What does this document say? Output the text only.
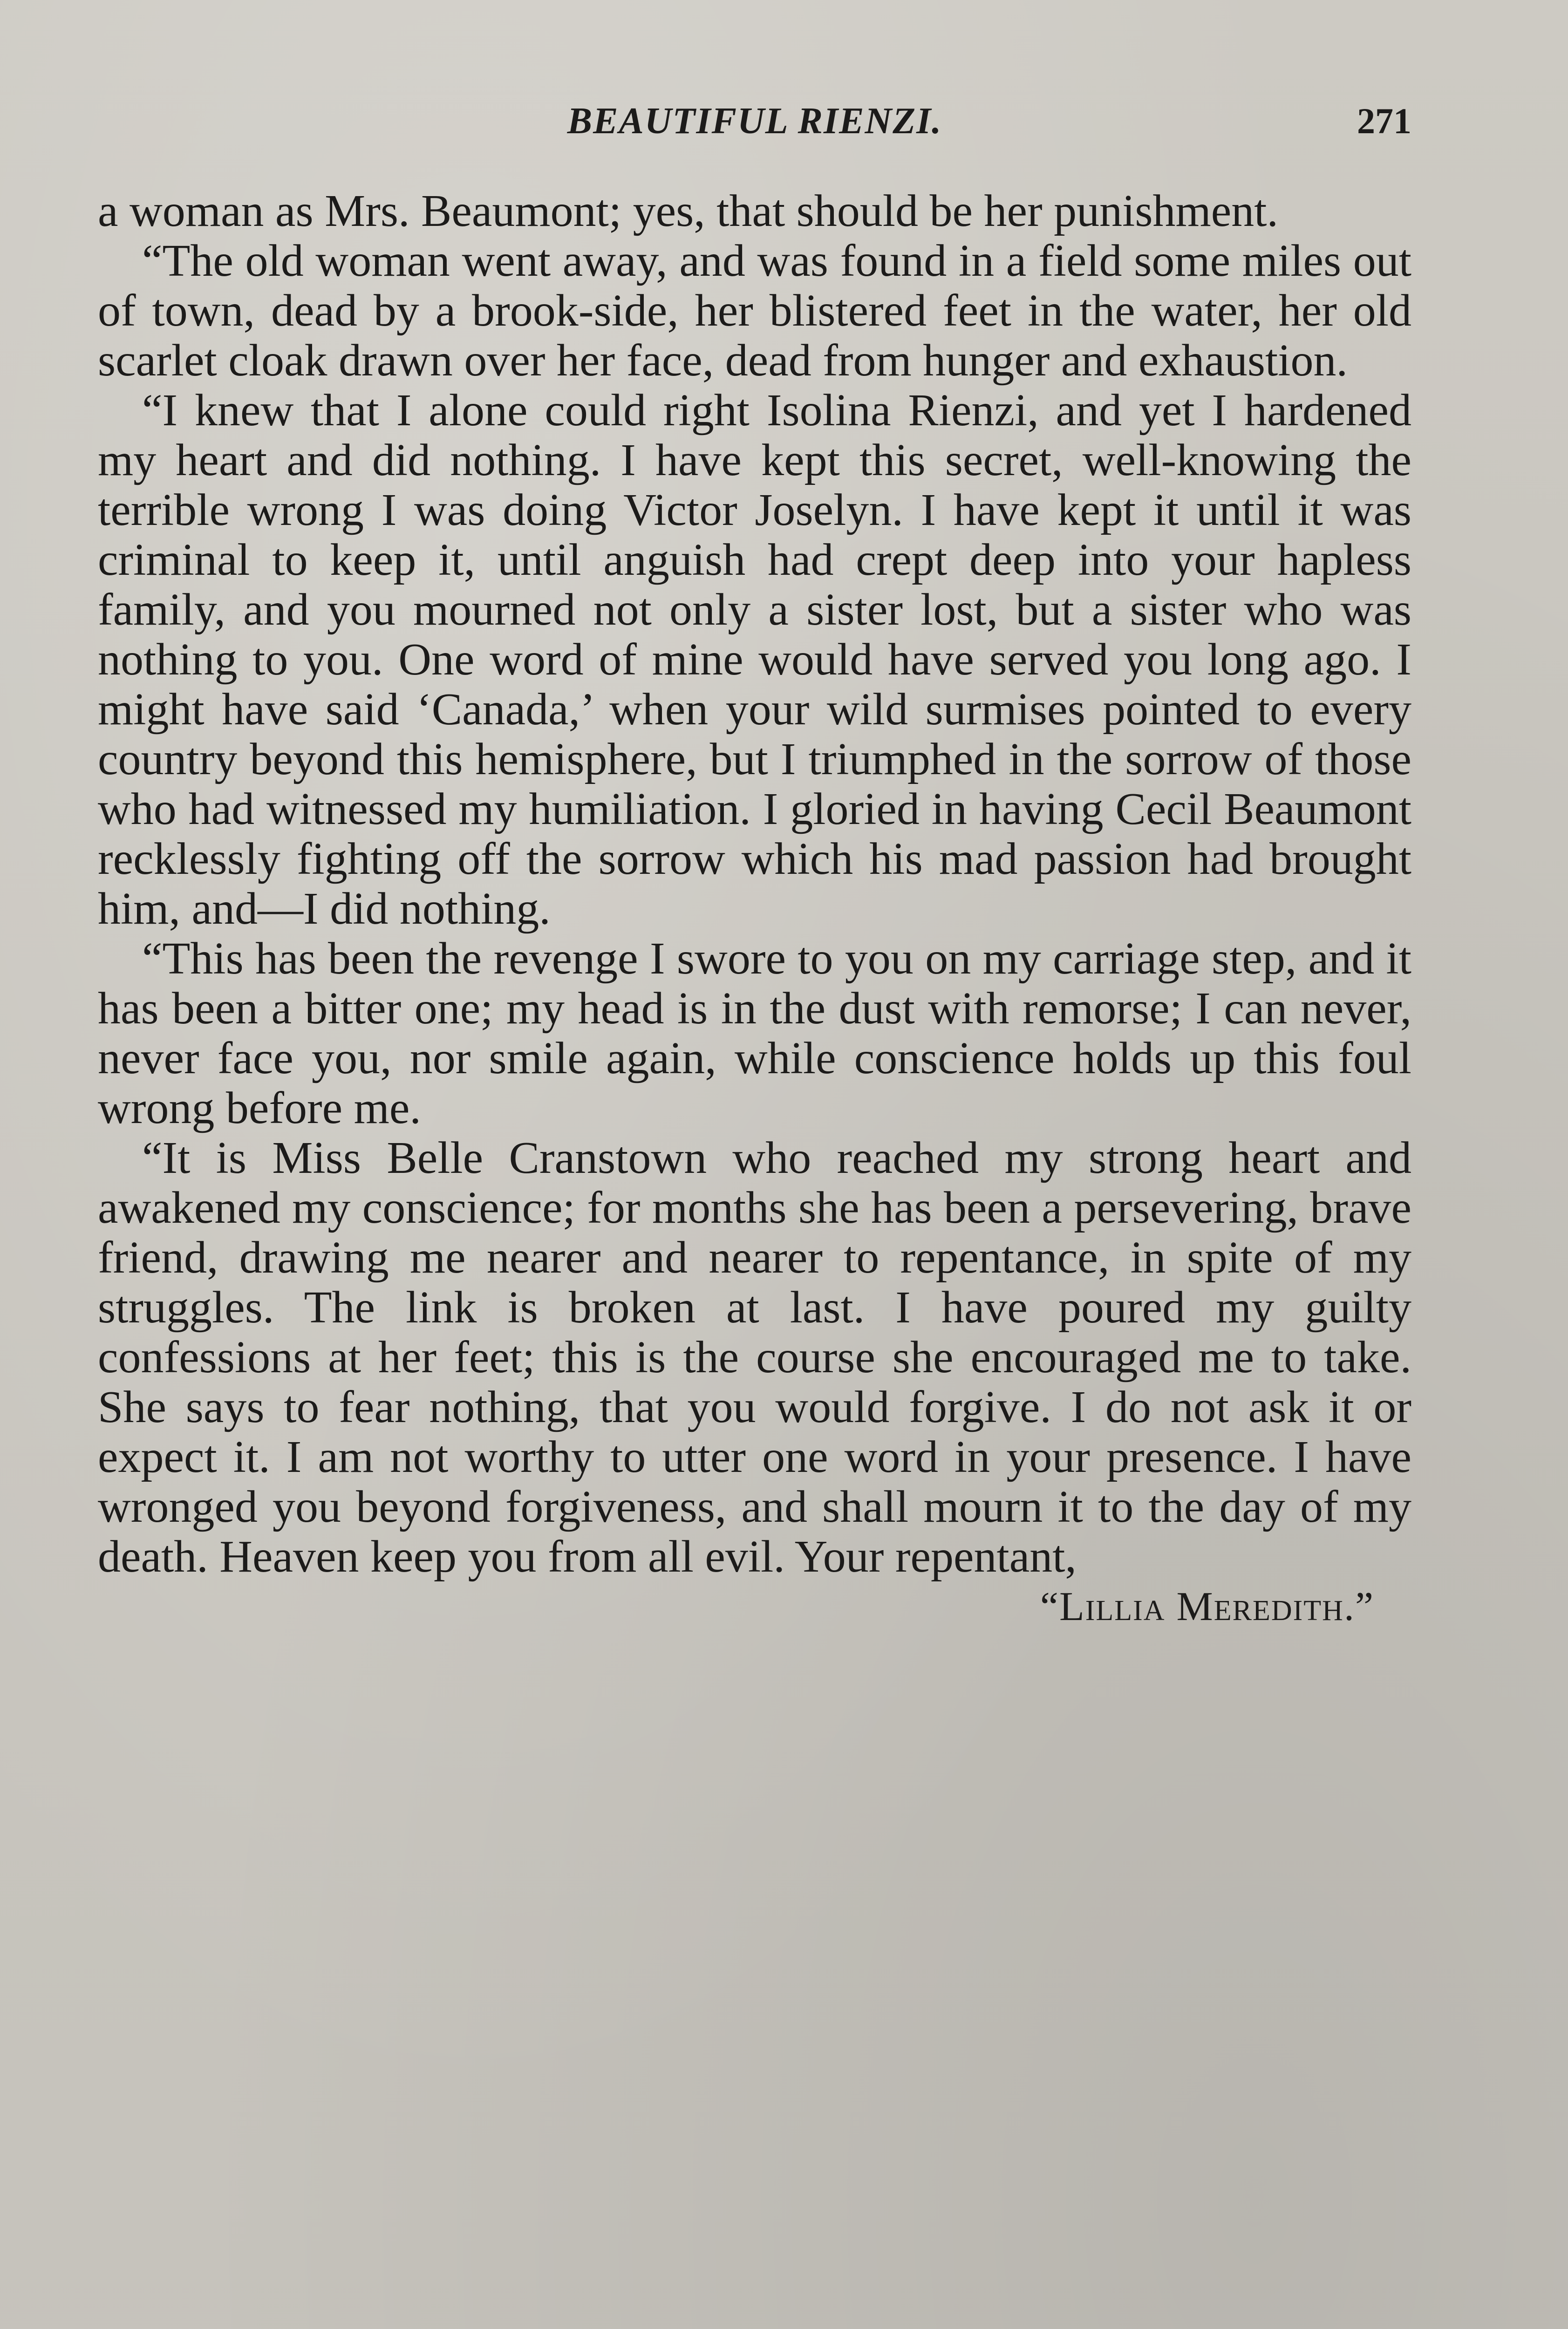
BEAUTIFUL RIENZI.	271

a woman as Mrs. Beaumont; yes, that should be her punishment.

“The old woman went away, and was found in a field some miles out of town, dead by a brook-side, her blistered feet in the water, her old scarlet cloak drawn over her face, dead from hunger and exhaustion.

“I knew that I alone could right Isolina Rienzi, and yet I hardened my heart and did nothing. I have kept this secret, well-knowing the terrible wrong I was doing Victor Joselyn. I have kept it until it was criminal to keep it, until anguish had crept deep into your hapless family, and you mourned not only a sister lost, but a sister who was nothing to you. One word of mine would have served you long ago. I might have said ‘Canada,’ when your wild surmises pointed to every country beyond this hemisphere, but I triumphed in the sorrow of those who had witnessed my humiliation. I gloried in having Cecil Beaumont recklessly fighting off the sorrow which his mad passion had brought him, and—I did nothing.

“This has been the revenge I swore to you on my carriage step, and it has been a bitter one; my head is in the dust with remorse; I can never, never face you, nor smile again, while conscience holds up this foul wrong before me.

“It is Miss Belle Cranstown who reached my strong heart and awakened my conscience; for months she has been a persevering, brave friend, drawing me nearer and nearer to repentance, in spite of my struggles. The link is broken at last. I have poured my guilty confessions at her feet; this is the course she encouraged me to take. She says to fear nothing, that you would forgive. I do not ask it or expect it. I am not worthy to utter one word in your presence. I have wronged you beyond forgiveness, and shall mourn it to the day of my death. Heaven keep you from all evil. Your repentant,

“Lillia Meredith.”
